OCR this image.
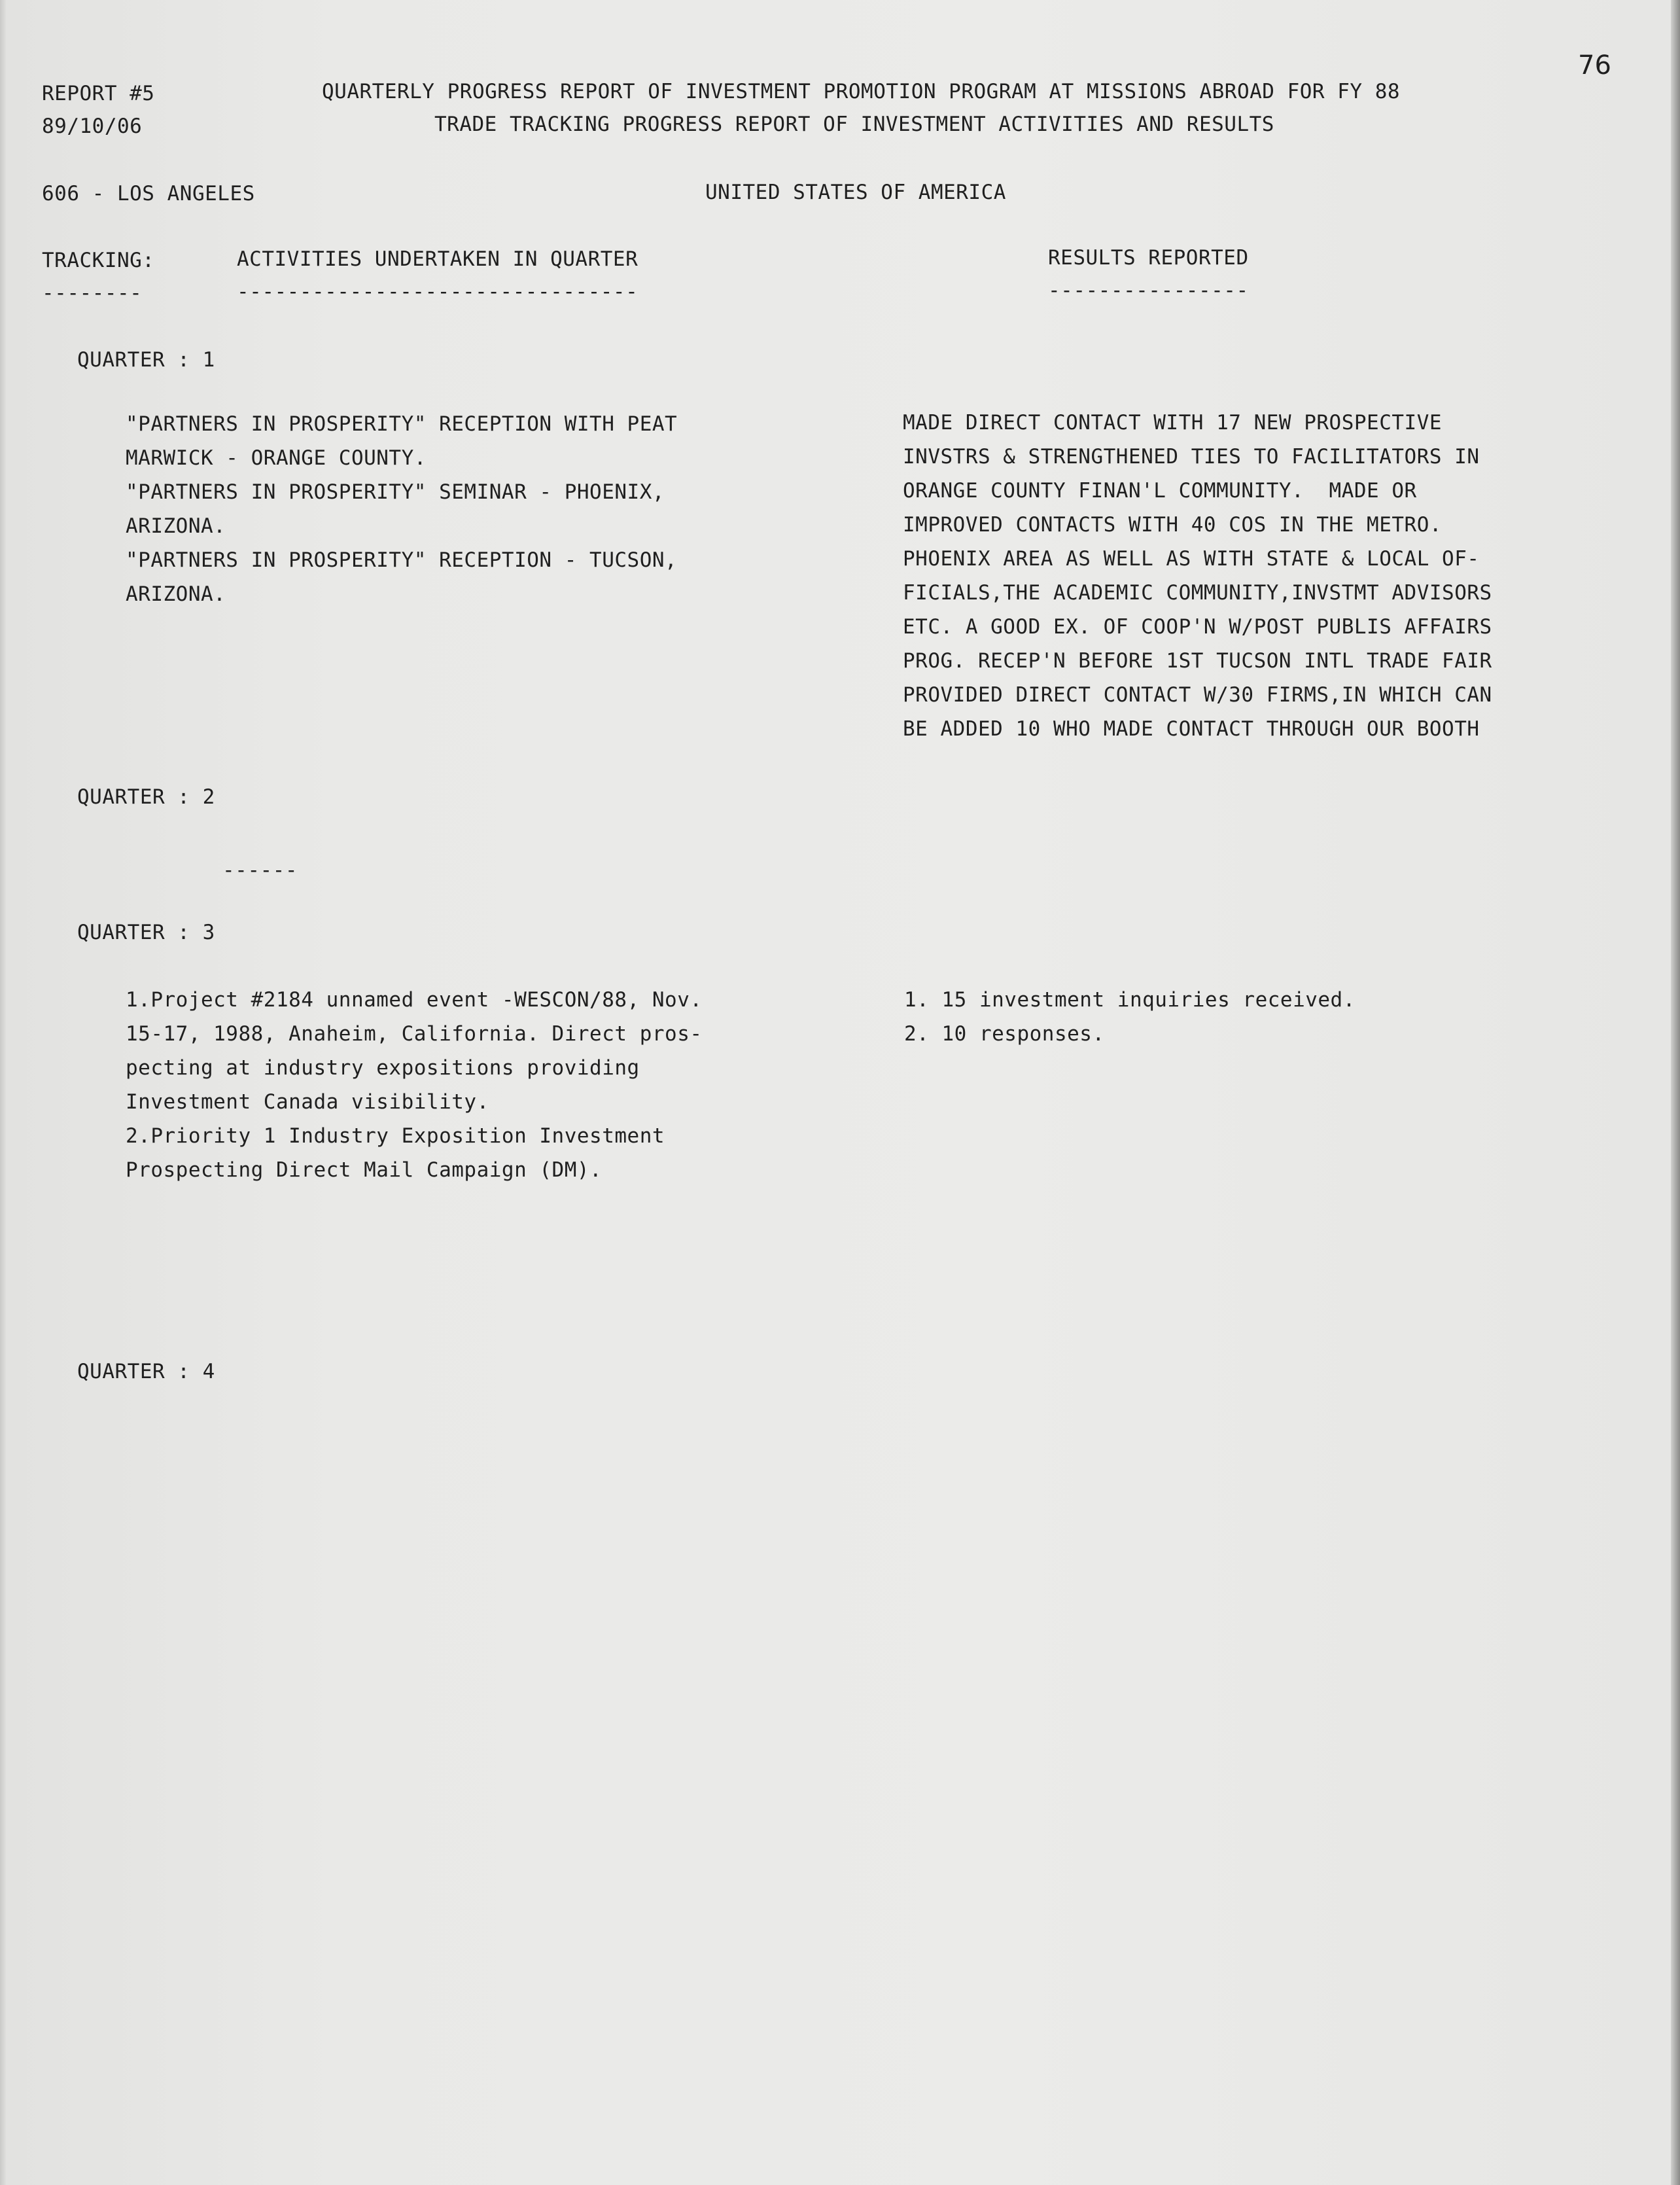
76
REPORT #5
89/10/06
QUARTERLY PROGRESS REPORT OF INVESTMENT PROMOTION PROGRAM AT MISSIONS ABROAD FOR FY 88
TRADE TRACKING PROGRESS REPORT OF INVESTMENT ACTIVITIES AND RESULTS
606 - LOS ANGELES	UNITED STATES OF AMERICA
TRACKING:
--------
ACTIVITIES UNDERTAKEN IN QUARTER
--------------------------------
RESULTS REPORTED
----------------
QUARTER : 1
"PARTNERS IN PROSPERITY" RECEPTION WITH PEAT
MARWICK - ORANGE COUNTY.
"PARTNERS IN PROSPERITY" SEMINAR - PHOENIX,
ARIZONA.
"PARTNERS IN PROSPERITY" RECEPTION - TUCSON,
ARIZONA.
MADE DIRECT CONTACT WITH 17 NEW PROSPECTIVE
INVSTRS & STRENGTHENED TIES TO FACILITATORS IN
ORANGE COUNTY FINAN'L COMMUNITY.  MADE OR
IMPROVED CONTACTS WITH 40 COS IN THE METRO.
PHOENIX AREA AS WELL AS WITH STATE & LOCAL OF-
FICIALS,THE ACADEMIC COMMUNITY,INVSTMT ADVISORS
ETC. A GOOD EX. OF COOP'N W/POST PUBLIS AFFAIRS
PROG. RECEP'N BEFORE 1ST TUCSON INTL TRADE FAIR
PROVIDED DIRECT CONTACT W/30 FIRMS,IN WHICH CAN
BE ADDED 10 WHO MADE CONTACT THROUGH OUR BOOTH
QUARTER : 2
------
QUARTER : 3
1.Project #2184 unnamed event -WESCON/88, Nov.
15-17, 1988, Anaheim, California. Direct pros-
pecting at industry expositions providing
Investment Canada visibility.
2.Priority 1 Industry Exposition Investment
Prospecting Direct Mail Campaign (DM).
1. 15 investment inquiries received.
2. 10 responses.
QUARTER : 4
